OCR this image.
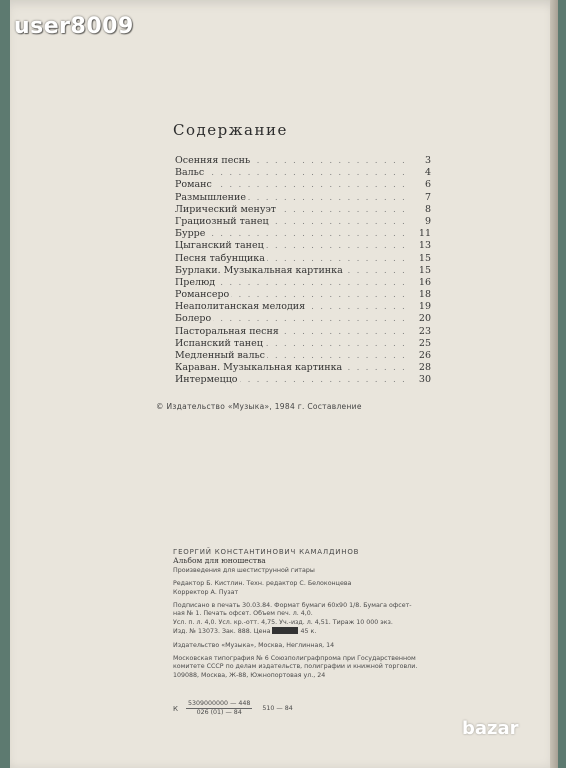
Содержание
Осенняя песнь	3
. . .
Вальс	4
. . .
Романс	6
. . .
Размышление	7
. . .
Лирический менуэт	8
. . .
Грациозный танец	9
. . .
Бурре	11
. . .
Цыганский танец	13
. . .
Песня табунщика	15
. . .
Бурлаки. Музыкальная картинка	15
. . .
Прелюд	16
. . .
Романсеро	18
. . .
Неаполитанская мелодия	19
. . .
Болеро	20
. . .
Пасторальная песня	23
. . .
Испанский танец	25
. . .
Медленный вальс	26
. . .
Караван. Музыкальная картинка	28
. . .
Интермеццо	30
. . .
© Издательство «Музыка», 1984 г. Составление
ГЕОРГИЙ КОНСТАНТИНОВИЧ КАМАЛДИНОВ
Альбом для юношества
Произведения для шестиструнной гитары
Редактор Б. Кистлин. Техн. редактор С. Белоконцева
Корректор А. Пузат
Подписано в печать 30.03.84. Формат бумаги 60х90 1/8. Бумага офсет-
ная № 1. Печать офсет. Объем печ. л. 4,0.
Усл. п. л. 4,0. Усл. кр.-отт. 4,75. Уч.-изд. л. 4,51. Тираж 10 000 экз.
Изд. № 13073. Зак. 888. Цена	45 к.
Издательство «Музыка», Москва, Неглинная, 14
Московская типография № 6 Союзполиграфпрома при Государственном
комитете СССР по делам издательств, полиграфии и книжной торговли.
109088, Москва, Ж-88, Южнопортовая ул., 24
К $\frac{5309000000 — 448}{026 (01) — 84} 510$ — 84
user8009
bazar
